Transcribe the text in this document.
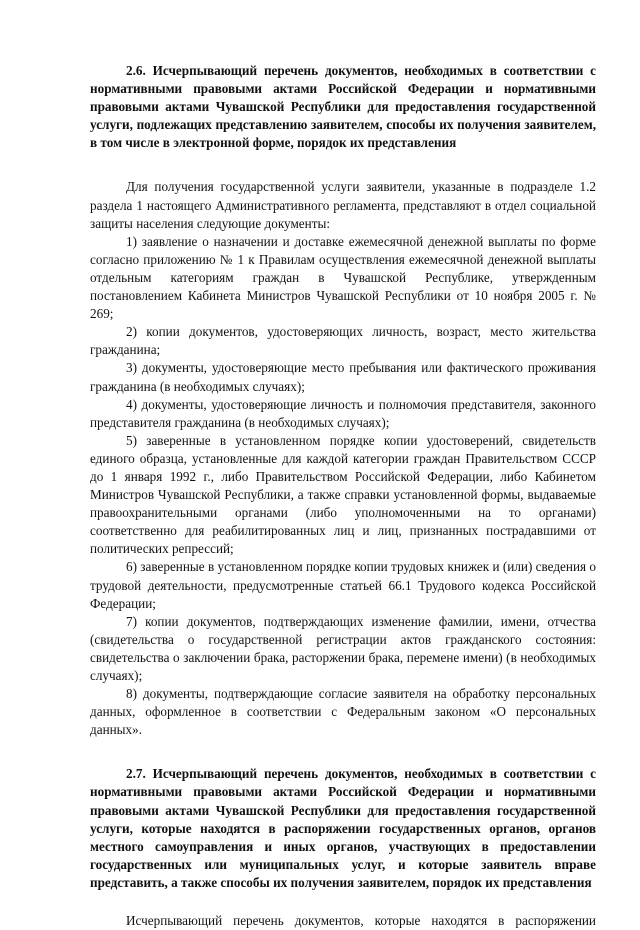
2.6. Исчерпывающий перечень документов, необходимых в соответствии с нормативными правовыми актами Российской Федерации и нормативными правовыми актами Чувашской Республики для предоставления государственной услуги, подлежащих представлению заявителем, способы их получения заявителем, в том числе в электронной форме, порядок их представления

Для получения государственной услуги заявители, указанные в подразделе 1.2 раздела 1 настоящего Административного регламента, представляют в отдел социальной защиты населения следующие документы:

1) заявление о назначении и доставке ежемесячной денежной выплаты по форме согласно приложению № 1 к Правилам осуществления ежемесячной денежной выплаты отдельным категориям граждан в Чувашской Республике, утвержденным постановлением Кабинета Министров Чувашской Республики от 10 ноября 2005 г. № 269;

2) копии документов, удостоверяющих личность, возраст, место жительства гражданина;

3) документы, удостоверяющие место пребывания или фактического проживания гражданина (в необходимых случаях);

4) документы, удостоверяющие личность и полномочия представителя, законного представителя гражданина (в необходимых случаях);

5) заверенные в установленном порядке копии удостоверений, свидетельств единого образца, установленные для каждой категории граждан Правительством СССР до 1 января 1992 г., либо Правительством Российской Федерации, либо Кабинетом Министров Чувашской Республики, а также справки установленной формы, выдаваемые правоохранительными органами (либо уполномоченными на то органами) соответственно для реабилитированных лиц и лиц, признанных пострадавшими от политических репрессий;

6) заверенные в установленном порядке копии трудовых книжек и (или) сведения о трудовой деятельности, предусмотренные статьей 66.1 Трудового кодекса Российской Федерации;

7) копии документов, подтверждающих изменение фамилии, имени, отчества (свидетельства о государственной регистрации актов гражданского состояния: свидетельства о заключении брака, расторжении брака, перемене имени) (в необходимых случаях);

8) документы, подтверждающие согласие заявителя на обработку персональных данных, оформленное в соответствии с Федеральным законом «О персональных данных».

2.7. Исчерпывающий перечень документов, необходимых в соответствии с нормативными правовыми актами Российской Федерации и нормативными правовыми актами Чувашской Республики для предоставления государственной услуги, которые находятся в распоряжении государственных органов, органов местного самоуправления и иных органов, участвующих в предоставлении государственных или муниципальных услуг, и которые заявитель вправе представить, а также способы их получения заявителем, порядок их представления

Исчерпывающий перечень документов, которые находятся в распоряжении
